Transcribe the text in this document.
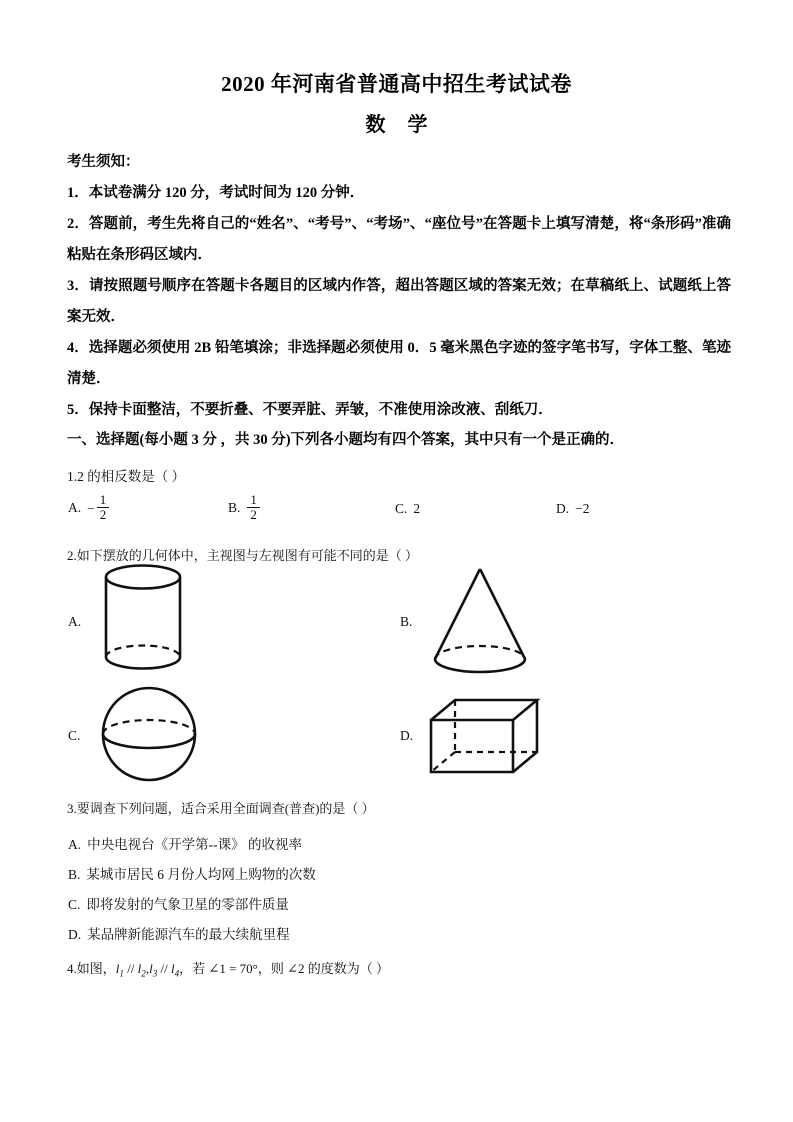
2020 年河南省普通高中招生考试试卷
数 学
考生须知：

1．本试卷满分 120 分，考试时间为 120 分钟．

2．答题前，考生先将自己的“姓名”、“考号”、“考场”、“座位号”在答题卡上填写清楚，将“条形码”准确粘贴在条形码区域内．

3．请按照题号顺序在答题卡各题目的区域内作答，超出答题区域的答案无效；在草稿纸上、试题纸上答案无效．

4．选择题必须使用 2B 铅笔填涂；非选择题必须使用 0．5 毫米黑色字迹的签字笔书写，字体工整、笔迹清楚．

5．保持卡面整洁，不要折叠、不要弄脏、弄皱，不准使用涂改液、刮纸刀．

一、选择题(每小题 3 分 ，共 30 分)下列各小题均有四个答案，其中只有一个是正确的．
1.2 的相反数是（ ）
A. − $\frac{1}{2}$	B. $\frac{1}{2}$	C. 2	D. −2
2.如下摆放的几何体中，主视图与左视图有可能不同的是（ ）
A.	B.
C.	D.
3.要调查下列问题，适合采用全面调查(普查)的是（ ）
A. 中央电视台《开学第--课》 的收视率
B. 某城市居民 6 月份人均网上购物的次数
C. 即将发射的气象卫星的零部件质量
D. 某品牌新能源汽车的最大续航里程
4.如图，$l_1 // l_2,l_3 // l_4$，若 ∠1 = 70°，则 ∠2 的度数为（ ）
